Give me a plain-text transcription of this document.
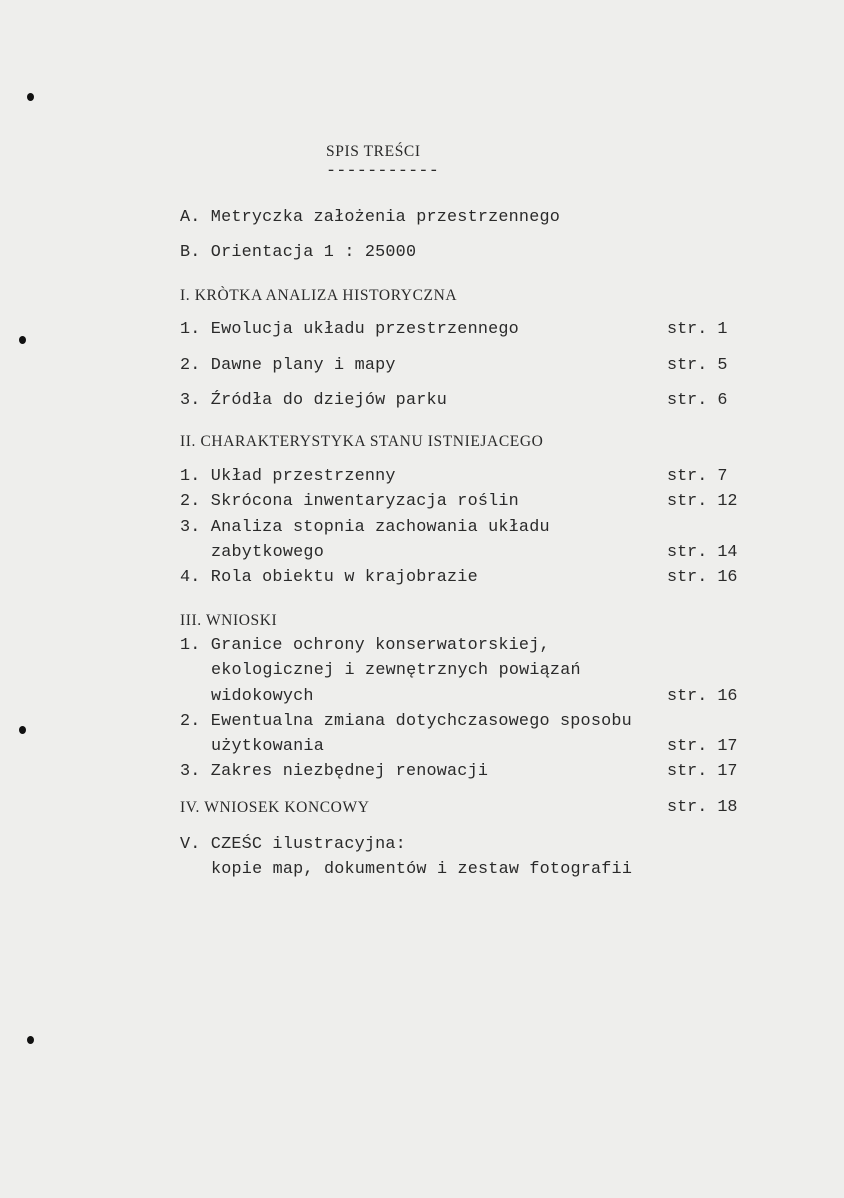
SPIS TREŚCI
-----------
A. Metryczka założenia przestrzennego
B. Orientacja 1 : 25000
I. KRÒTKA ANALIZA HISTORYCZNA
1. Ewolucja układu przestrzennego	str. 1
2. Dawne plany i mapy	str. 5
3. Źródła do dziejów parku	str. 6
II. CHARAKTERYSTYKA STANU ISTNIEJACEGO
1. Układ przestrzenny	str. 7
2. Skrócona inwentaryzacja roślin	str. 12
3. Analiza stopnia zachowania układu
zabytkowego	str. 14
4. Rola obiektu w krajobrazie	str. 16
III. WNIOSKI
1. Granice ochrony konserwatorskiej,
ekologicznej i zewnętrznych powiązań
widokowych	str. 16
2. Ewentualna zmiana dotychczasowego sposobu
użytkowania	str. 17
3. Zakres niezbędnej renowacji	str. 17
IV. WNIOSEK KONCOWY	str. 18
V. CZEŚC ilustracyjna:
kopie map, dokumentów i zestaw fotografii
